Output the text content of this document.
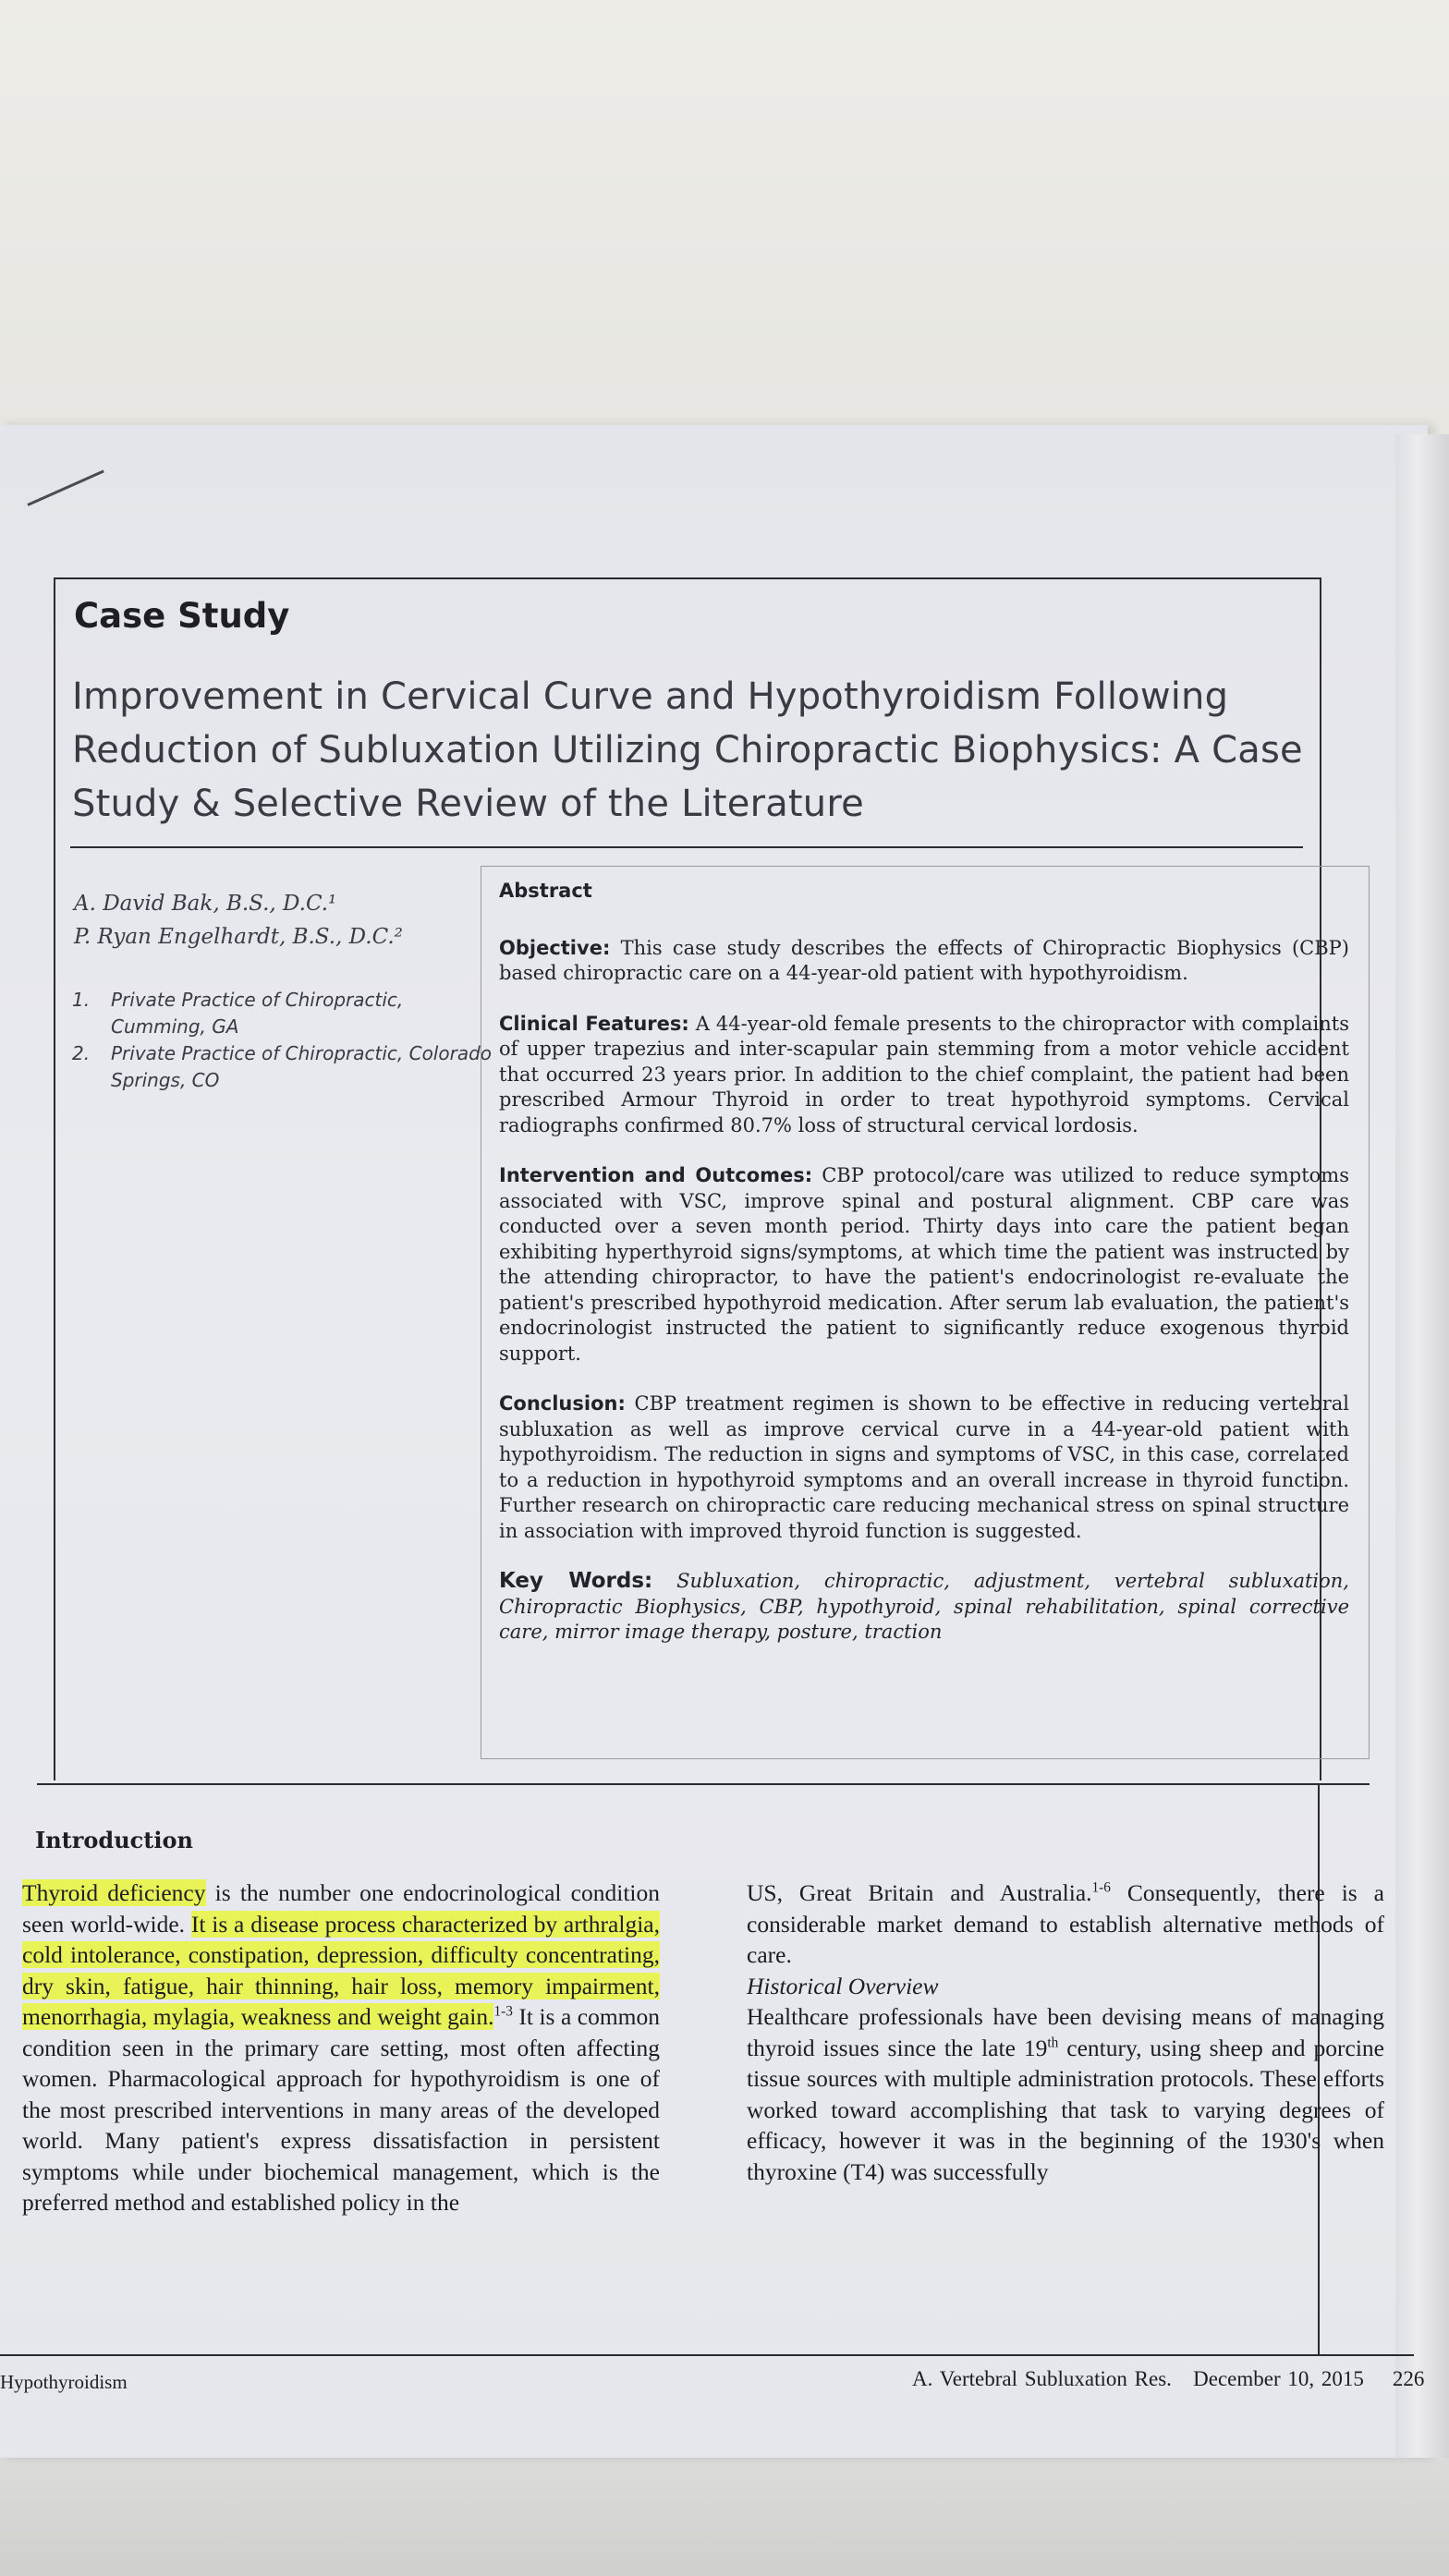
Case Study
Improvement in Cervical Curve and Hypothyroidism Following Reduction of Subluxation Utilizing Chiropractic Biophysics: A Case Study & Selective Review of the Literature
A. David Bak, B.S., D.C.¹
P. Ryan Engelhardt, B.S., D.C.²
1.	Private Practice of Chiropractic, Cumming, GA
2.	Private Practice of Chiropractic, Colorado Springs, CO
Abstract

Objective: This case study describes the effects of Chiropractic Biophysics (CBP) based chiropractic care on a 44-year-old patient with hypothyroidism.

Clinical Features: A 44-year-old female presents to the chiropractor with complaints of upper trapezius and inter-scapular pain stemming from a motor vehicle accident that occurred 23 years prior. In addition to the chief complaint, the patient had been prescribed Armour Thyroid in order to treat hypothyroid symptoms. Cervical radiographs confirmed 80.7% loss of structural cervical lordosis.

Intervention and Outcomes: CBP protocol/care was utilized to reduce symptoms associated with VSC, improve spinal and postural alignment. CBP care was conducted over a seven month period. Thirty days into care the patient began exhibiting hyperthyroid signs/symptoms, at which time the patient was instructed by the attending chiropractor, to have the patient's endocrinologist re-evaluate the patient's prescribed hypothyroid medication. After serum lab evaluation, the patient's endocrinologist instructed the patient to significantly reduce exogenous thyroid support.

Conclusion: CBP treatment regimen is shown to be effective in reducing vertebral subluxation as well as improve cervical curve in a 44-year-old patient with hypothyroidism. The reduction in signs and symptoms of VSC, in this case, correlated to a reduction in hypothyroid symptoms and an overall increase in thyroid function. Further research on chiropractic care reducing mechanical stress on spinal structure in association with improved thyroid function is suggested.

Key Words: Subluxation, chiropractic, adjustment, vertebral subluxation, Chiropractic Biophysics, CBP, hypothyroid, spinal rehabilitation, spinal corrective care, mirror image therapy, posture, traction

Introduction

Thyroid deficiency is the number one endocrinological condition seen world-wide. It is a disease process characterized by arthralgia, cold intolerance, constipation, depression, difficulty concentrating, dry skin, fatigue, hair thinning, hair loss, memory impairment, menorrhagia, mylagia, weakness and weight gain.$^{1-3}$ It is a common condition seen in the primary care setting, most often affecting women. Pharmacological approach for hypothyroidism is one of the most prescribed interventions in many areas of the developed world. Many patient's express dissatisfaction in persistent symptoms while under biochemical management, which is the preferred method and established policy in the

US, Great Britain and Australia.$^{1-6}$ Consequently, there is a considerable market demand to establish alternative methods of care.

Historical Overview

Healthcare professionals have been devising means of managing thyroid issues since the late 19th century, using sheep and porcine tissue sources with multiple administration protocols. These efforts worked toward accomplishing that task to varying degrees of efficacy, however it was in the beginning of the 1930's when thyroxine (T4) was successfully

Hypothyroidism	A. Vertebral Subluxation Res. December 10, 2015 226
